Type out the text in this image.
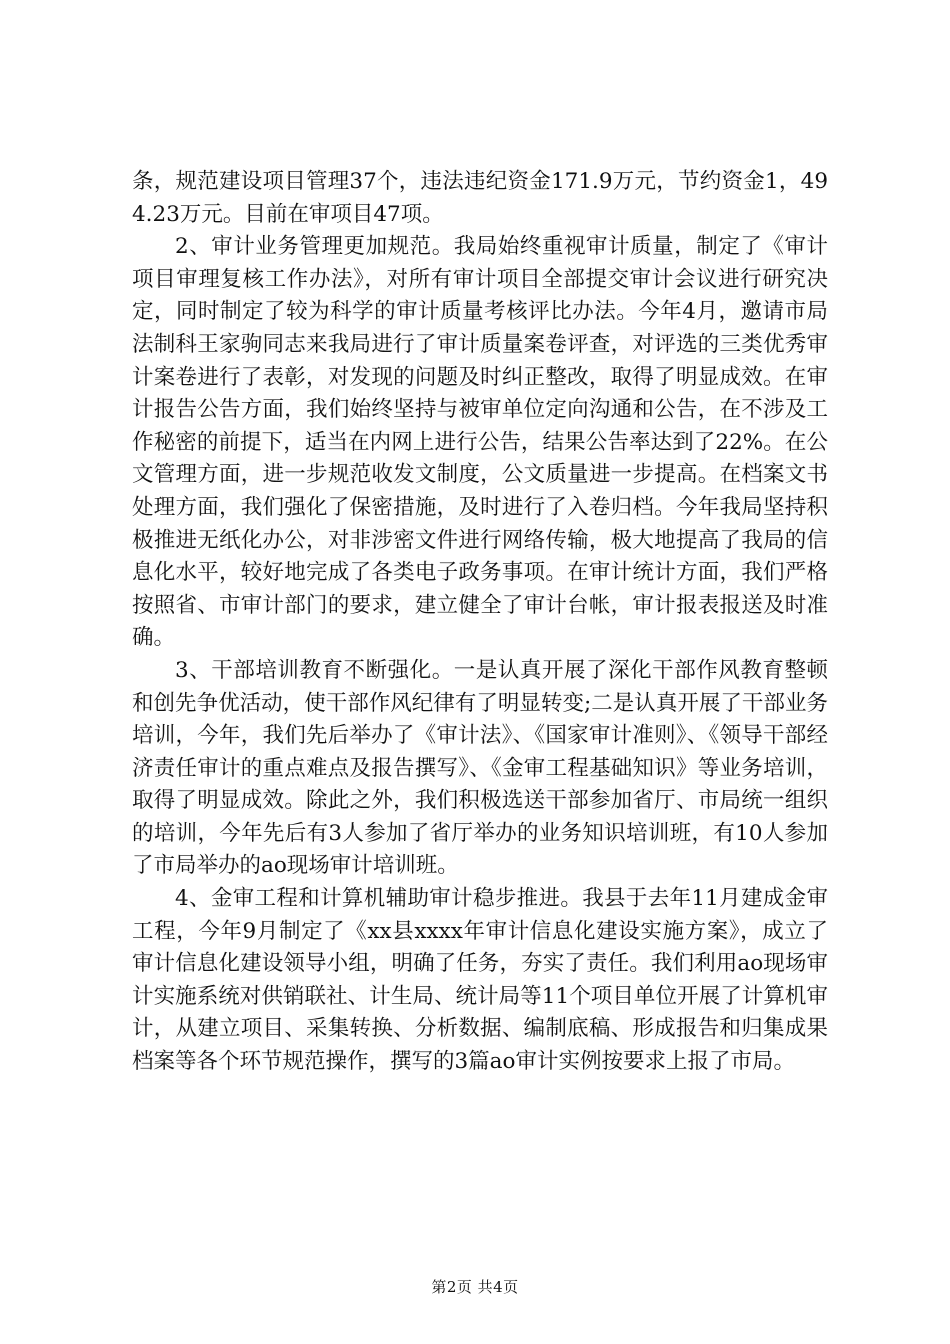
条，规范建设项目管理37个，违法违纪资金171.9万元，节约资金1，494.23万元。目前在审项目47项。

2、审计业务管理更加规范。我局始终重视审计质量，制定了《审计项目审理复核工作办法》，对所有审计项目全部提交审计会议进行研究决定，同时制定了较为科学的审计质量考核评比办法。今年4月，邀请市局法制科王家驹同志来我局进行了审计质量案卷评查，对评选的三类优秀审计案卷进行了表彰，对发现的问题及时纠正整改，取得了明显成效。在审计报告公告方面，我们始终坚持与被审单位定向沟通和公告，在不涉及工作秘密的前提下，适当在内网上进行公告，结果公告率达到了22%。在公文管理方面，进一步规范收发文制度，公文质量进一步提高。在档案文书处理方面，我们强化了保密措施，及时进行了入卷归档。今年我局坚持积极推进无纸化办公，对非涉密文件进行网络传输，极大地提高了我局的信息化水平，较好地完成了各类电子政务事项。在审计统计方面，我们严格按照省、市审计部门的要求，建立健全了审计台帐，审计报表报送及时准确。

3、干部培训教育不断强化。一是认真开展了深化干部作风教育整顿和创先争优活动，使干部作风纪律有了明显转变;二是认真开展了干部业务培训，今年，我们先后举办了《审计法》、《国家审计准则》、《领导干部经济责任审计的重点难点及报告撰写》、《金审工程基础知识》等业务培训，取得了明显成效。除此之外，我们积极选送干部参加省厅、市局统一组织的培训，今年先后有3人参加了省厅举办的业务知识培训班，有10人参加了市局举办的ao现场审计培训班。

4、金审工程和计算机辅助审计稳步推进。我县于去年11月建成金审工程，今年9月制定了《xx县xxxx年审计信息化建设实施方案》，成立了审计信息化建设领导小组，明确了任务，夯实了责任。我们利用ao现场审计实施系统对供销联社、计生局、统计局等11个项目单位开展了计算机审计，从建立项目、采集转换、分析数据、编制底稿、形成报告和归集成果档案等各个环节规范操作，撰写的3篇ao审计实例按要求上报了市局。

第2页 共4页
